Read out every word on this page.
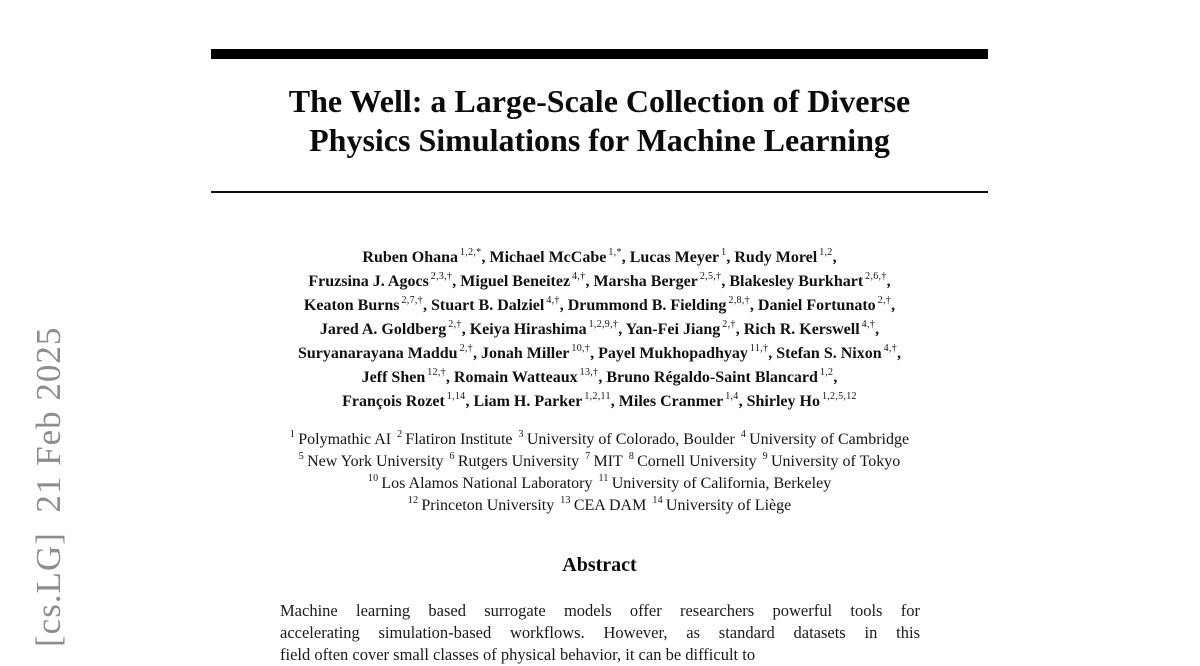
[cs.LG]  21 Feb 2025
The Well: a Large-Scale Collection of Diverse
Physics Simulations for Machine Learning
Ruben Ohana $^{1,2,*}$, Michael McCabe $^{1,*}$, Lucas Meyer $^1$, Rudy Morel $^{1,2}$,
Fruzsina J. Agocs $^{2,3,\dagger}$, Miguel Beneitez $^{4,\dagger}$, Marsha Berger $^{2,5,\dagger}$, Blakesley Burkhart $^{2,6,\dagger}$,
Keaton Burns $^{2,7,\dagger}$, Stuart B. Dalziel $^{4,\dagger}$, Drummond B. Fielding $^{2,8,\dagger}$, Daniel Fortunato $^{2,\dagger}$,
Jared A. Goldberg $^{2,\dagger}$, Keiya Hirashima $^{1,2,9,\dagger}$, Yan-Fei Jiang $^{2,\dagger}$, Rich R. Kerswell $^{4,\dagger}$,
Suryanarayana Maddu $^{2,\dagger}$, Jonah Miller $^{10,\dagger}$, Payel Mukhopadhyay $^{11,\dagger}$, Stefan S. Nixon $^{4,\dagger}$,
Jeff Shen $^{12,\dagger}$, Romain Watteaux $^{13,\dagger}$, Bruno Régaldo-Saint Blancard $^{1,2}$,
François Rozet $^{1,14}$, Liam H. Parker $^{1,2,11}$, Miles Cranmer $^{1,4}$, Shirley Ho $^{1,2,5,12}$
$^1$ Polymathic AI $^2$ Flatiron Institute $^3$ University of Colorado, Boulder $^4$ University of Cambridge
$^5$ New York University $^6$ Rutgers University $^7$ MIT $^8$ Cornell University $^9$ University of Tokyo
$^{10}$ Los Alamos National Laboratory $^{11}$ University of California, Berkeley
$^{12}$ Princeton University $^{13}$ CEA DAM $^{14}$ University of Liège
Abstract
Machine learning based surrogate models offer researchers powerful tools for
accelerating simulation-based workflows. However, as standard datasets in this
field often cover small classes of physical behavior, it can be difficult to
